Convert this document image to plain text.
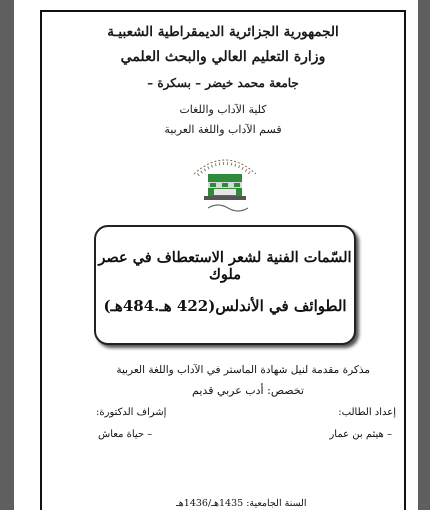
الجمهورية الجزائرية الديمقراطية الشعبيـة
وزارة التعليم العالي والبحث العلمي
جامعة محمد خيضر – بسكرة –
كلية الآداب واللغات
قسم الآداب واللغة العربية
السّمات الفنية لشعر الاستعطاف في عصر ملوك
الطوائف في الأندلس(422 هـ.484هـ)
مذكرة مقدمة لنيل شهادة الماستر في الآداب واللغة العربية
تخصص: أدب عربي قديم
إعداد الطالب:
إشراف الدكتورة:
– هيثم بن عمار
– حياة معاش
السنة الجامعية: 1435هـ/1436هـ
